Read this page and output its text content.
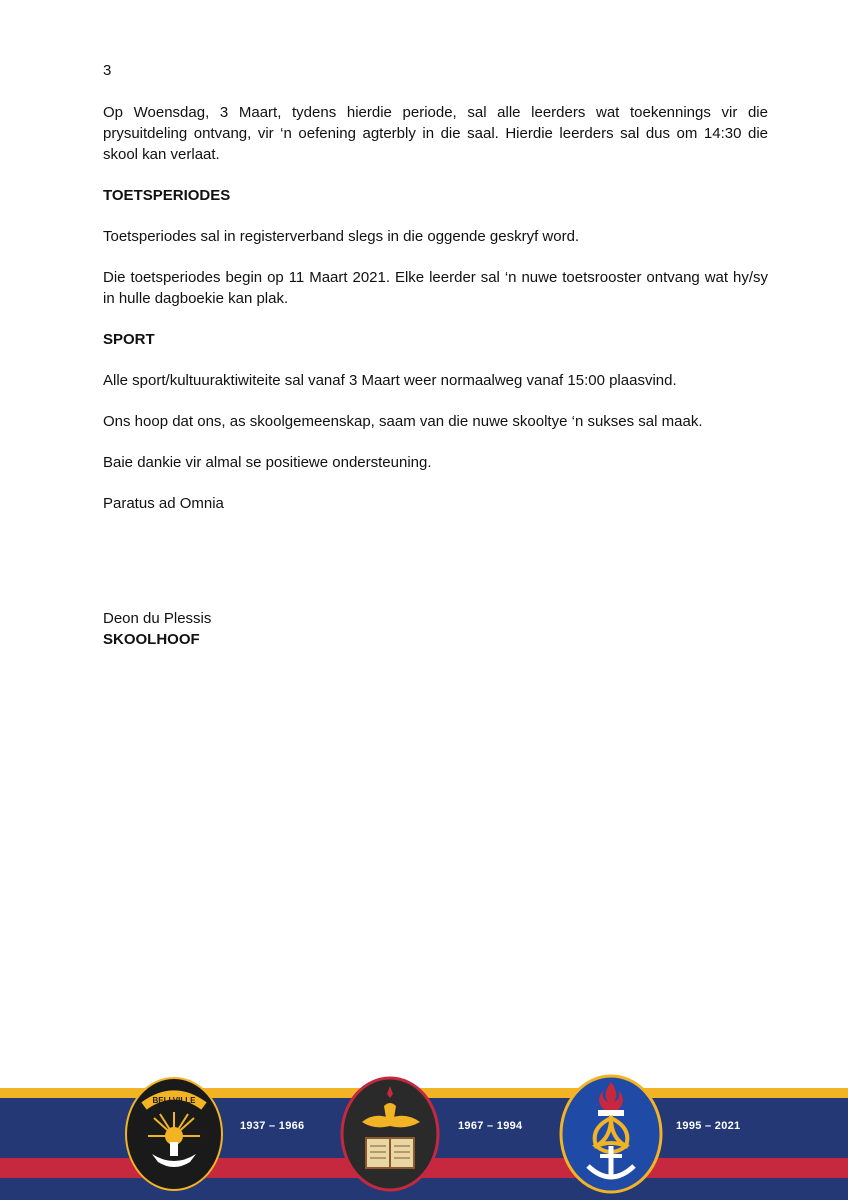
3

Op Woensdag, 3 Maart, tydens hierdie periode, sal alle leerders wat toekennings vir die prysuitdeling ontvang, vir ‘n oefening agterbly in die saal. Hierdie leerders sal dus om 14:30 die skool kan verlaat.

TOETSPERIODES

Toetsperiodes sal in registerverband slegs in die oggende geskryf word.

Die toetsperiodes begin op 11 Maart 2021. Elke leerder sal ‘n nuwe toetsrooster ontvang wat hy/sy in hulle dagboekie kan plak.

SPORT

Alle sport/kultuuraktiwiteite sal vanaf 3 Maart weer normaalweg vanaf 15:00 plaasvind.

Ons hoop dat ons, as skoolgemeenskap, saam van die nuwe skooltye ‘n sukses sal maak.

Baie dankie vir almal se positiewe ondersteuning.

Paratus ad Omnia

Deon du Plessis
SKOOLHOOF
BELLVILLE
1937 – 1966	1967 – 1994	1995 – 2021
